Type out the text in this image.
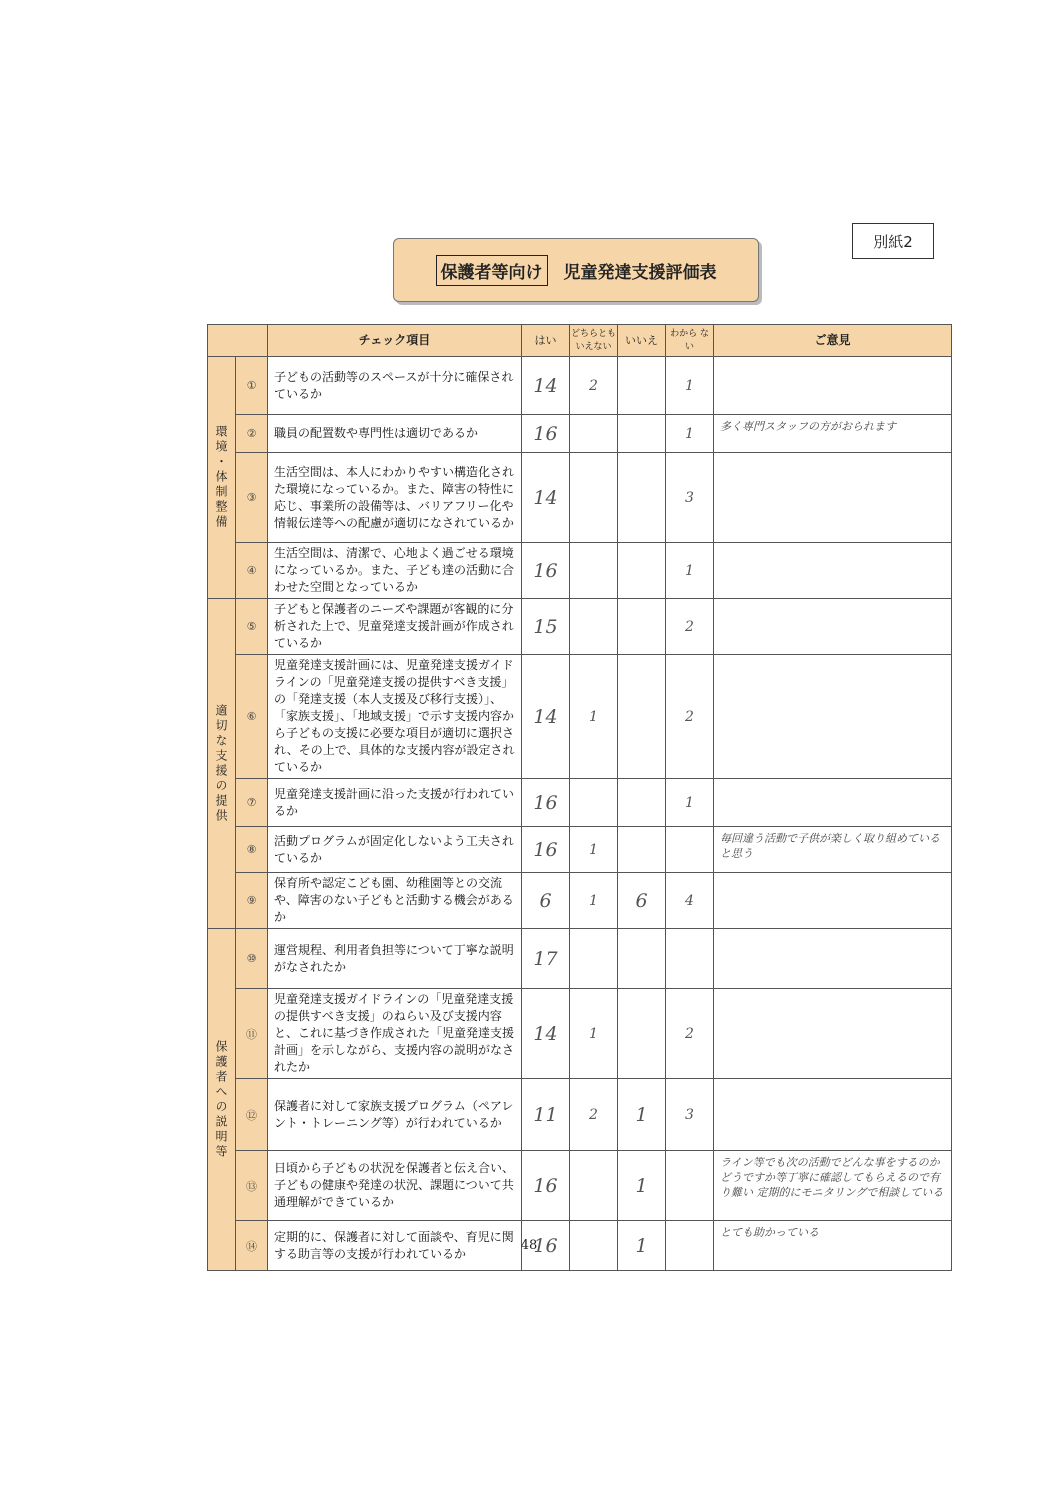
別紙2
保護者等向け 児童発達支援評価表
		チェック項目	はい	どちらとも いえない	いいえ	わから ない	ご意見

環境・体制整備	①	子どもの活動等のスペースが十分に確保されているか	14	2		1	
	②	職員の配置数や専門性は適切であるか	16			1	多く専門スタッフの方がおられます
	③	生活空間は、本人にわかりやすい構造化された環境になっているか。また、障害の特性に応じ、事業所の設備等は、バリアフリー化や情報伝達等への配慮が適切になされているか	14			3	
	④	生活空間は、清潔で、心地よく過ごせる環境になっているか。また、子ども達の活動に合わせた空間となっているか	16			1	

適切な支援の提供	⑤	子どもと保護者のニーズや課題が客観的に分析された上で、児童発達支援計画が作成されているか	15			2	
	⑥	児童発達支援計画には、児童発達支援ガイドラインの「児童発達支援の提供すべき支援」の「発達支援（本人支援及び移行支援）」、「家族支援」、「地域支援」で示す支援内容から子どもの支援に必要な項目が適切に選択され、その上で、具体的な支援内容が設定されているか	14	1		2	
	⑦	児童発達支援計画に沿った支援が行われているか	16			1	
	⑧	活動プログラムが固定化しないよう工夫されているか	16	1			毎回違う活動で子供が楽しく取り組めていると思う
	⑨	保育所や認定こども園、幼稚園等との交流や、障害のない子どもと活動する機会があるか	6	1	6	4	

保護者への説明等	⑩	運営規程、利用者負担等について丁寧な説明がなされたか	17				
	⑪	児童発達支援ガイドラインの「児童発達支援の提供すべき支援」のねらい及び支援内容と、これに基づき作成された「児童発達支援計画」を示しながら、支援内容の説明がなされたか	14	1		2	
	⑫	保護者に対して家族支援プログラム（ペアレント・トレーニング等）が行われているか	11	2	1	3	
	⑬	日頃から子どもの状況を保護者と伝え合い、子どもの健康や発達の状況、課題について共通理解ができているか	16		1		ライン等でも次の活動でどんな事をするのかどうですか等丁寧に確認してもらえるので有り難い 定期的にモニタリングで相談している
	⑭	定期的に、保護者に対して面談や、育児に関する助言等の支援が行われているか	16		1		とても助かっている
48
